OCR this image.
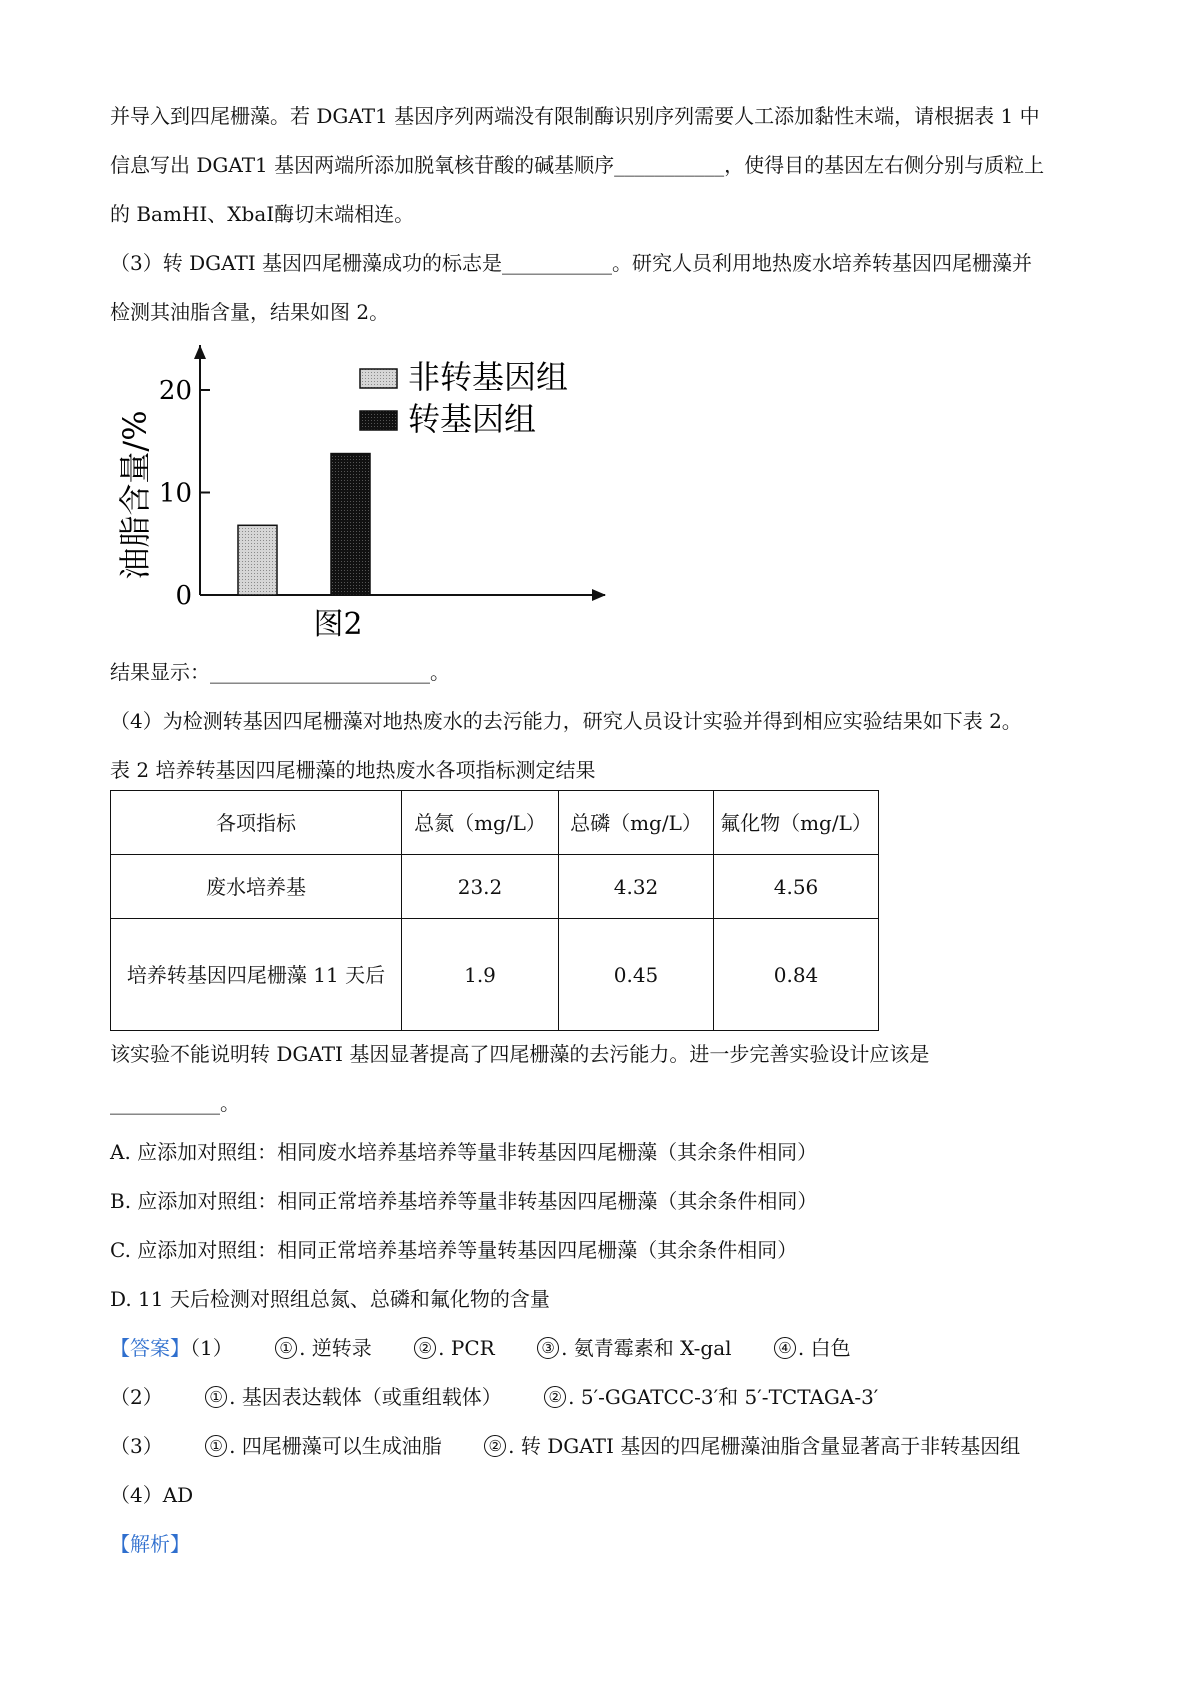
并导入到四尾栅藻。若 DGAT1 基因序列两端没有限制酶识别序列需要人工添加黏性末端，请根据表 1 中
信息写出 DGAT1 基因两端所添加脱氧核苷酸的碱基顺序___________，使得目的基因左右侧分别与质粒上
的 BamHI、XbaⅠ酶切末端相连。
（3）转 DGATI 基因四尾栅藻成功的标志是___________。研究人员利用地热废水培养转基因四尾栅藻并
检测其油脂含量，结果如图 2。
0
10
20	非转基因组
转基因组
油脂含量/%
图2
结果显示：______________________。
（4）为检测转基因四尾栅藻对地热废水的去污能力，研究人员设计实验并得到相应实验结果如下表 2。
表 2 培养转基因四尾栅藻的地热废水各项指标测定结果
各项指标	总氮（mg/L）	总磷（mg/L）	氟化物（mg/L）
废水培养基	23.2	4.32	4.56
培养转基因四尾栅藻 11 天后	1.9	0.45	0.84
该实验不能说明转 DGATI 基因显著提高了四尾栅藻的去污能力。进一步完善实验设计应该是
___________。
A. 应添加对照组：相同废水培养基培养等量非转基因四尾栅藻（其余条件相同）
B. 应添加对照组：相同正常培养基培养等量非转基因四尾栅藻（其余条件相同）
C. 应添加对照组：相同正常培养基培养等量转基因四尾栅藻（其余条件相同）
D. 11 天后检测对照组总氮、总磷和氟化物的含量
【答案】（1）	① . 逆转录	② . PCR	③ . 氨青霉素和 X-gal	④ . 白色
（2）	① . 基因表达载体（或重组载体）	② . 5′-GGATCC-3′和 5′-TCTAGA-3′
（3）	① . 四尾栅藻可以生成油脂	② . 转 DGATI 基因的四尾栅藻油脂含量显著高于非转基因组
（4）AD
【解析】
